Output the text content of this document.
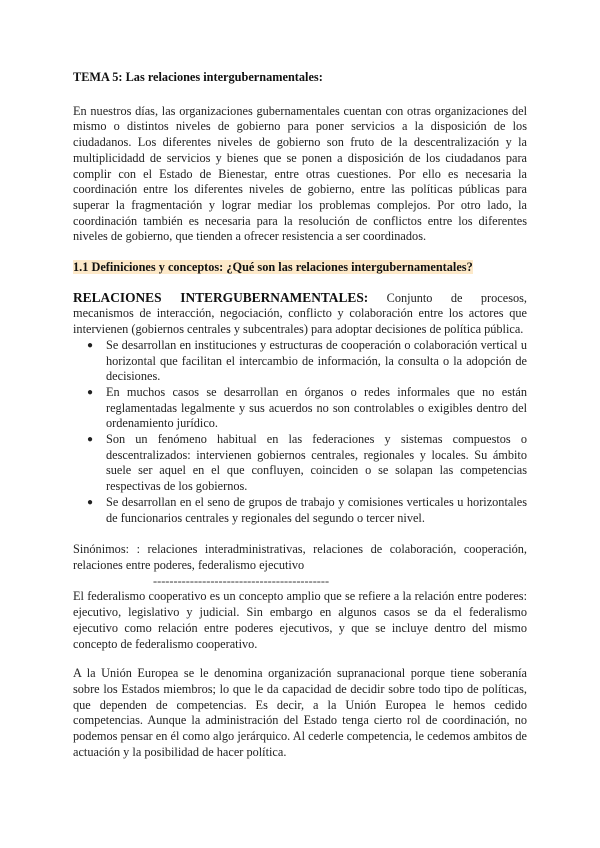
TEMA 5: Las relaciones intergubernamentales:

En nuestros días, las organizaciones gubernamentales cuentan con otras organizaciones del mismo o distintos niveles de gobierno para poner servicios a la disposición de los ciudadanos. Los diferentes niveles de gobierno son fruto de la descentralización y la multiplicidadd de servicios y bienes que se ponen a disposición de los ciudadanos para complir con el Estado de Bienestar, entre otras cuestiones. Por ello es necesaria la coordinación entre los diferentes niveles de gobierno, entre las políticas públicas para superar la fragmentación y lograr mediar los problemas complejos. Por otro lado, la coordinación también es necesaria para la resolución de conflictos entre los diferentes niveles de gobierno, que tienden a ofrecer resistencia a ser coordinados.

1.1 Definiciones y conceptos: ¿Qué son las relaciones intergubernamentales?

RELACIONES INTERGUBERNAMENTALES: Conjunto de procesos, mecanismos de interacción, negociación, conflicto y colaboración entre los actores que intervienen (gobiernos centrales y subcentrales) para adoptar decisiones de política pública.

● Se desarrollan en instituciones y estructuras de cooperación o colaboración vertical u horizontal que facilitan el intercambio de información, la consulta o la adopción de decisiones.
● En muchos casos se desarrollan en órganos o redes informales que no están reglamentadas legalmente y sus acuerdos no son controlables o exigibles dentro del ordenamiento jurídico.
● Son un fenómeno habitual en las federaciones y sistemas compuestos o descentralizados: intervienen gobiernos centrales, regionales y locales. Su ámbito suele ser aquel en el que confluyen, coinciden o se solapan las competencias respectivas de los gobiernos.
● Se desarrollan en el seno de grupos de trabajo y comisiones verticales u horizontales de funcionarios centrales y regionales del segundo o tercer nivel.

Sinónimos: : relaciones interadministrativas, relaciones de colaboración, cooperación, relaciones entre poderes, federalismo ejecutivo

-------------------------------------------

El federalismo cooperativo es un concepto amplio que se refiere a la relación entre poderes: ejecutivo, legislativo y judicial. Sin embargo en algunos casos se da el federalismo ejecutivo como relación entre poderes ejecutivos, y que se incluye dentro del mismo concepto de federalismo cooperativo.

A la Unión Europea se le denomina organización supranacional porque tiene soberanía sobre los Estados miembros; lo que le da capacidad de decidir sobre todo tipo de políticas, que dependen de competencias. Es decir, a la Unión Europea le hemos cedido competencias. Aunque la administración del Estado tenga cierto rol de coordinación, no podemos pensar en él como algo jerárquico. Al cederle competencia, le cedemos ambitos de actuación y la posibilidad de hacer política.
